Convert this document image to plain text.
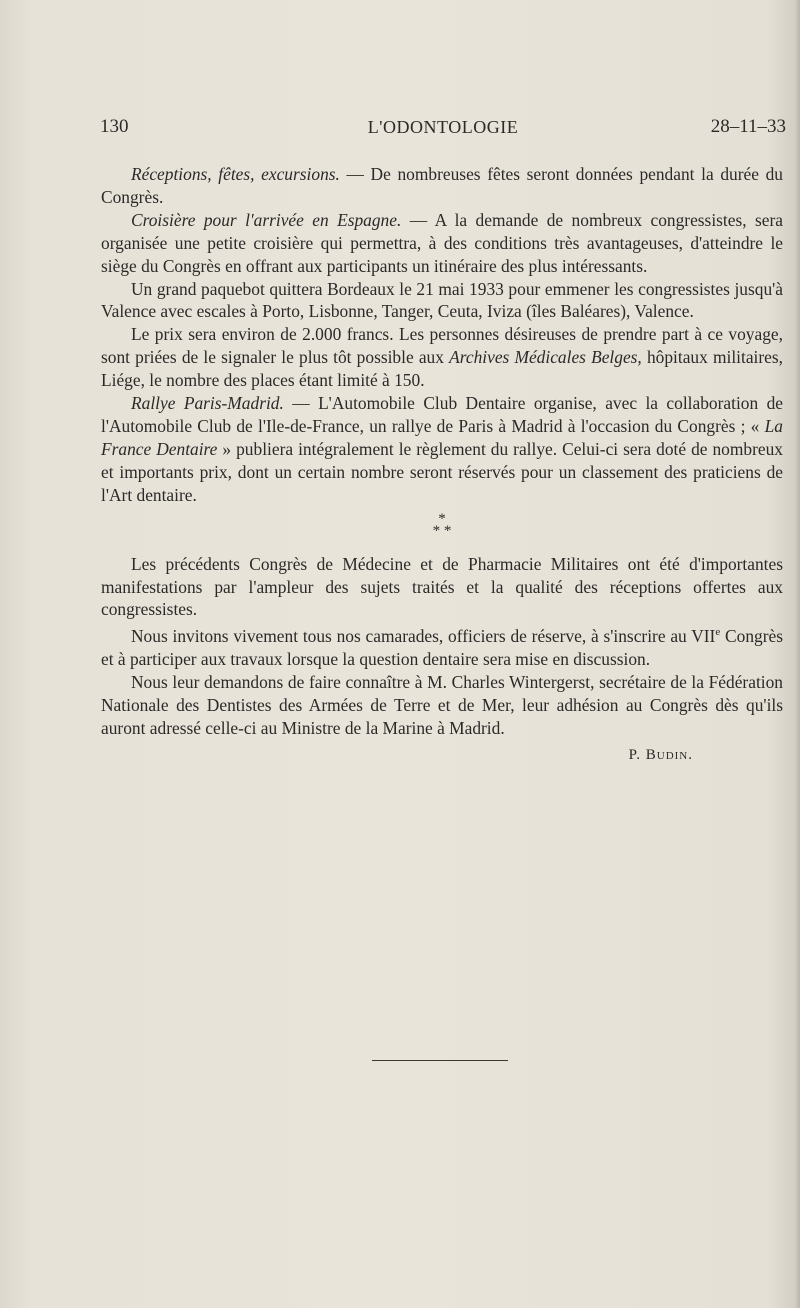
130	L'ODONTOLOGIE	28–11–33

Réceptions, fêtes, excursions. — De nombreuses fêtes seront données pendant la durée du Congrès.

Croisière pour l'arrivée en Espagne. — A la demande de nombreux congressistes, sera organisée une petite croisière qui permettra, à des conditions très avantageuses, d'atteindre le siège du Congrès en offrant aux participants un itinéraire des plus intéressants.

Un grand paquebot quittera Bordeaux le 21 mai 1933 pour emmener les congressistes jusqu'à Valence avec escales à Porto, Lisbonne, Tanger, Ceuta, Iviza (îles Baléares), Valence.

Le prix sera environ de 2.000 francs. Les personnes désireuses de prendre part à ce voyage, sont priées de le signaler le plus tôt possible aux Archives Médicales Belges, hôpitaux militaires, Liége, le nombre des places étant limité à 150.

Rallye Paris-Madrid. — L'Automobile Club Dentaire organise, avec la collaboration de l'Automobile Club de l'Ile-de-France, un rallye de Paris à Madrid à l'occasion du Congrès ; « La France Dentaire » publiera intégralement le règlement du rallye. Celui-ci sera doté de nombreux et importants prix, dont un certain nombre seront réservés pour un classement des praticiens de l'Art dentaire.

*
* *

Les précédents Congrès de Médecine et de Pharmacie Militaires ont été d'importantes manifestations par l'ampleur des sujets traités et la qualité des réceptions offertes aux congressistes.

Nous invitons vivement tous nos camarades, officiers de réserve, à s'inscrire au VIIe Congrès et à participer aux travaux lorsque la question dentaire sera mise en discussion.

Nous leur demandons de faire connaître à M. Charles Wintergerst, secrétaire de la Fédération Nationale des Dentistes des Armées de Terre et de Mer, leur adhésion au Congrès dès qu'ils auront adressé celle-ci au Ministre de la Marine à Madrid.

P. Budin.
